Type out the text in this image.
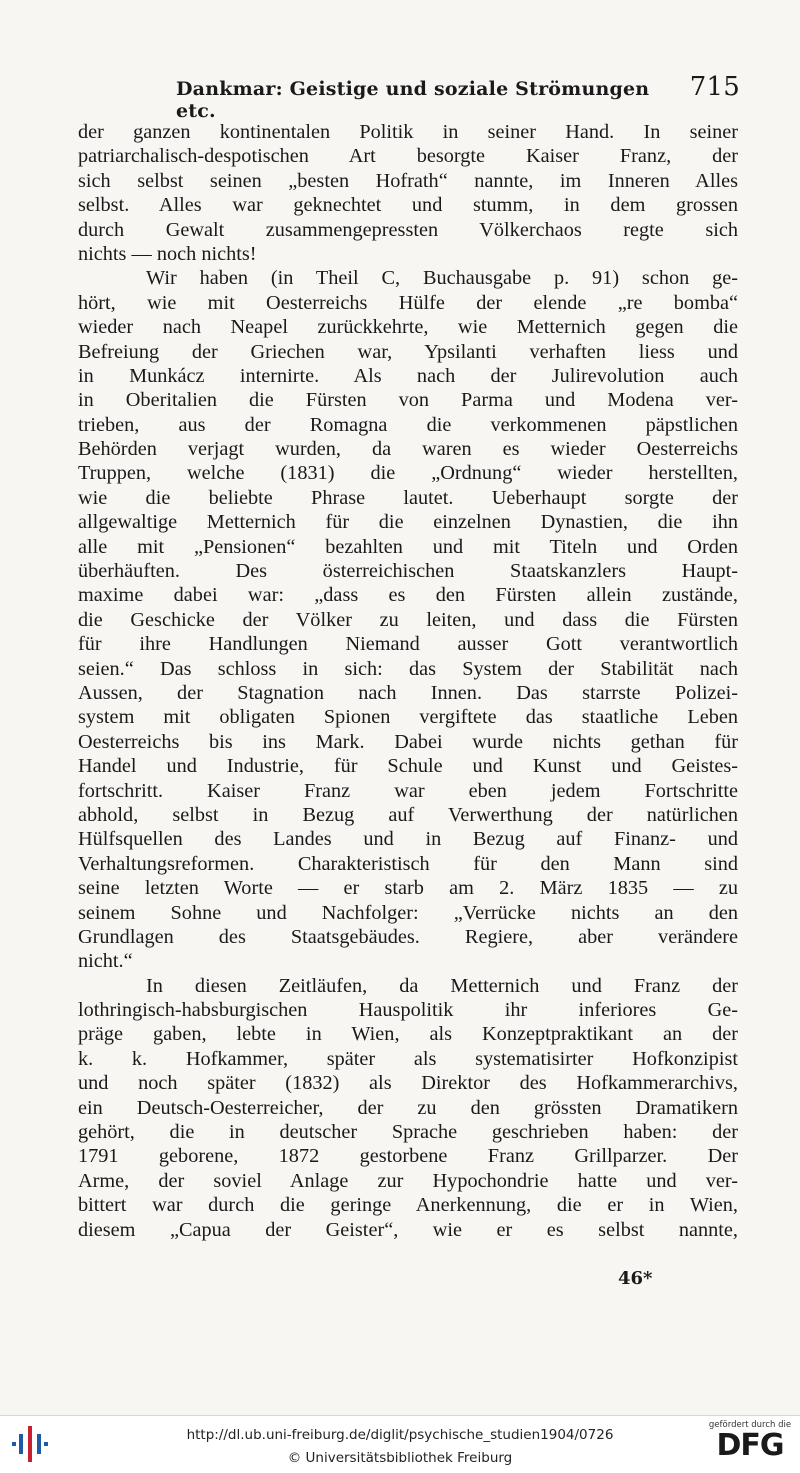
Dankmar: Geistige und soziale Strömungen etc.
715
der ganzen kontinentalen Politik in seiner Hand. In seiner
patriarchalisch-despotischen Art besorgte Kaiser Franz, der
sich selbst seinen „besten Hofrath“ nannte, im Inneren Alles
selbst. Alles war geknechtet und stumm, in dem grossen
durch Gewalt zusammengepressten Völkerchaos regte sich
nichts — noch nichts!
Wir haben (in Theil C, Buchausgabe p. 91) schon ge-
hört, wie mit Oesterreichs Hülfe der elende „re bomba“
wieder nach Neapel zurückkehrte, wie Metternich gegen die
Befreiung der Griechen war, Ypsilanti verhaften liess und
in Munkácz internirte. Als nach der Julirevolution auch
in Oberitalien die Fürsten von Parma und Modena ver-
trieben, aus der Romagna die verkommenen päpstlichen
Behörden verjagt wurden, da waren es wieder Oesterreichs
Truppen, welche (1831) die „Ordnung“ wieder herstellten,
wie die beliebte Phrase lautet. Ueberhaupt sorgte der
allgewaltige Metternich für die einzelnen Dynastien, die ihn
alle mit „Pensionen“ bezahlten und mit Titeln und Orden
überhäuften. Des österreichischen Staatskanzlers Haupt-
maxime dabei war: „dass es den Fürsten allein zustände,
die Geschicke der Völker zu leiten, und dass die Fürsten
für ihre Handlungen Niemand ausser Gott verantwortlich
seien.“ Das schloss in sich: das System der Stabilität nach
Aussen, der Stagnation nach Innen. Das starrste Polizei-
system mit obligaten Spionen vergiftete das staatliche Leben
Oesterreichs bis ins Mark. Dabei wurde nichts gethan für
Handel und Industrie, für Schule und Kunst und Geistes-
fortschritt. Kaiser Franz war eben jedem Fortschritte
abhold, selbst in Bezug auf Verwerthung der natürlichen
Hülfsquellen des Landes und in Bezug auf Finanz- und
Verhaltungsreformen. Charakteristisch für den Mann sind
seine letzten Worte — er starb am 2. März 1835 — zu
seinem Sohne und Nachfolger: „Verrücke nichts an den
Grundlagen des Staatsgebäudes. Regiere, aber verändere
nicht.“
In diesen Zeitläufen, da Metternich und Franz der
lothringisch-habsburgischen Hauspolitik ihr inferiores Ge-
präge gaben, lebte in Wien, als Konzeptpraktikant an der
k. k. Hofkammer, später als systematisirter Hofkonzipist
und noch später (1832) als Direktor des Hofkammerarchivs,
ein Deutsch-Oesterreicher, der zu den grössten Dramatikern
gehört, die in deutscher Sprache geschrieben haben: der
1791 geborene, 1872 gestorbene Franz Grillparzer. Der
Arme, der soviel Anlage zur Hypochondrie hatte und ver-
bittert war durch die geringe Anerkennung, die er in Wien,
diesem „Capua der Geister“, wie er es selbst nannte,
46*
http://dl.ub.uni-freiburg.de/diglit/psychische_studien1904/0726
© Universitätsbibliothek Freiburg
gefördert durch die
DFG
